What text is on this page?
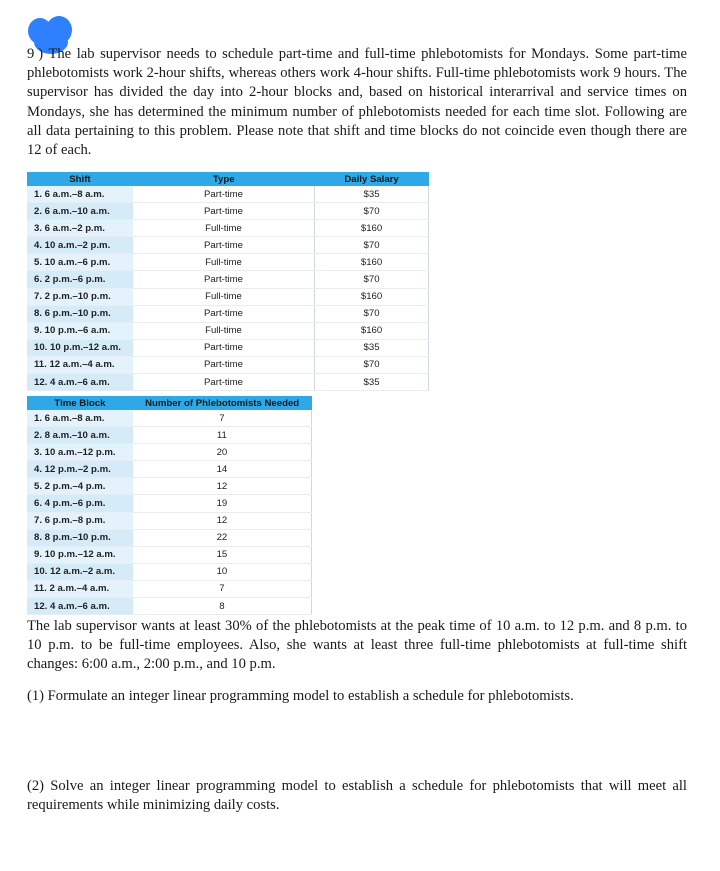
9 ) The lab supervisor needs to schedule part-time and full-time phlebotomists for Mondays. Some part-time phlebotomists work 2-hour shifts, whereas others work 4-hour shifts. Full-time phlebotomists work 9 hours. The supervisor has divided the day into 2-hour blocks and, based on historical interarrival and service times on Mondays, she has determined the minimum number of phlebotomists needed for each time slot. Following are all data pertaining to this problem. Please note that shift and time blocks do not coincide even though there are 12 of each.

Shift	Type	Daily Salary
1. 6 a.m.–8 a.m.	Part-time	$35
2. 6 a.m.–10 a.m.	Part-time	$70
3. 6 a.m.–2 p.m.	Full-time	$160
4. 10 a.m.–2 p.m.	Part-time	$70
5. 10 a.m.–6 p.m.	Full-time	$160
6. 2 p.m.–6 p.m.	Part-time	$70
7. 2 p.m.–10 p.m.	Full-time	$160
8. 6 p.m.–10 p.m.	Part-time	$70
9. 10 p.m.–6 a.m.	Full-time	$160
10. 10 p.m.–12 a.m.	Part-time	$35
11. 12 a.m.–4 a.m.	Part-time	$70
12. 4 a.m.–6 a.m.	Part-time	$35
Time Block	Number of Phlebotomists Needed
1. 6 a.m.–8 a.m.	7
2. 8 a.m.–10 a.m.	11
3. 10 a.m.–12 p.m.	20
4. 12 p.m.–2 p.m.	14
5. 2 p.m.–4 p.m.	12
6. 4 p.m.–6 p.m.	19
7. 6 p.m.–8 p.m.	12
8. 8 p.m.–10 p.m.	22
9. 10 p.m.–12 a.m.	15
10. 12 a.m.–2 a.m.	10
11. 2 a.m.–4 a.m.	7
12. 4 a.m.–6 a.m.	8

The lab supervisor wants at least 30% of the phlebotomists at the peak time of 10 a.m. to 12 p.m. and 8 p.m. to 10 p.m. to be full-time employees. Also, she wants at least three full-time phlebotomists at full-time shift changes: 6:00 a.m., 2:00 p.m., and 10 p.m.

(1) Formulate an integer linear programming model to establish a schedule for phlebotomists.

(2) Solve an integer linear programming model to establish a schedule for phlebotomists that will meet all requirements while minimizing daily costs.
